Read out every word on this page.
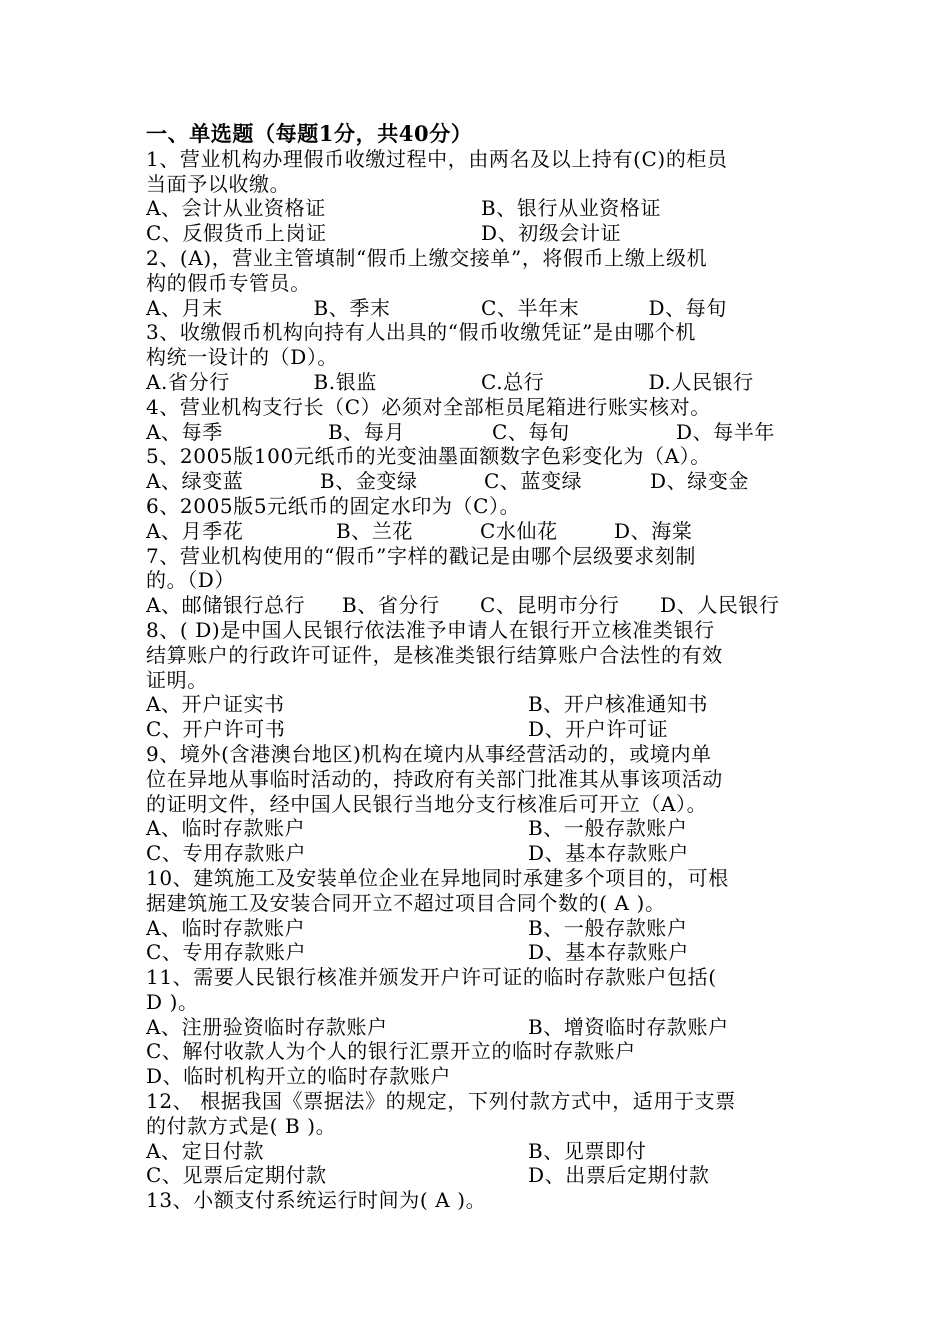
一、单选题（每题1分，共40分）
1、营业机构办理假币收缴过程中，由两名及以上持有(C)的柜员
当面予以收缴。
A、会计从业资格证	B、银行从业资格证
C、反假货币上岗证	D、初级会计证
2、(A)，营业主管填制“假币上缴交接单”，将假币上缴上级机
构的假币专管员。
A、月末	B、季末	C、半年末	D、每旬
3、收缴假币机构向持有人出具的“假币收缴凭证”是由哪个机
构统一设计的（D）。
A.省分行	B.银监	C.总行	D.人民银行
4、营业机构支行长（C）必须对全部柜员尾箱进行账实核对。
A、每季	B、每月	C、每旬	D、每半年
5、2005版100元纸币的光变油墨面额数字色彩变化为（A）。
A、绿变蓝	B、金变绿	C、蓝变绿	D、绿变金
6、2005版5元纸币的固定水印为（C）。
A、月季花	B、兰花	C水仙花	D、海棠
7、营业机构使用的“假币”字样的戳记是由哪个层级要求刻制
的。（D）
A、邮储银行总行	B、省分行	C、昆明市分行	D、人民银行
8、( D)是中国人民银行依法准予申请人在银行开立核准类银行
结算账户的行政许可证件，是核准类银行结算账户合法性的有效
证明。
A、开户证实书	B、开户核准通知书
C、开户许可书	D、开户许可证
9、境外(含港澳台地区)机构在境内从事经营活动的，或境内单
位在异地从事临时活动的，持政府有关部门批准其从事该项活动
的证明文件，经中国人民银行当地分支行核准后可开立（A）。
A、临时存款账户	B、一般存款账户
C、专用存款账户	D、基本存款账户
10、建筑施工及安装单位企业在异地同时承建多个项目的，可根
据建筑施工及安装合同开立不超过项目合同个数的( A )。
A、临时存款账户	B、一般存款账户
C、专用存款账户	D、基本存款账户
11、需要人民银行核准并颁发开户许可证的临时存款账户包括(
D )。
A、注册验资临时存款账户	B、增资临时存款账户
C、解付收款人为个人的银行汇票开立的临时存款账户
D、临时机构开立的临时存款账户
12、 根据我国《票据法》的规定，下列付款方式中，适用于支票
的付款方式是( B )。
A、定日付款	B、见票即付
C、见票后定期付款	D、出票后定期付款
13、小额支付系统运行时间为( A )。
